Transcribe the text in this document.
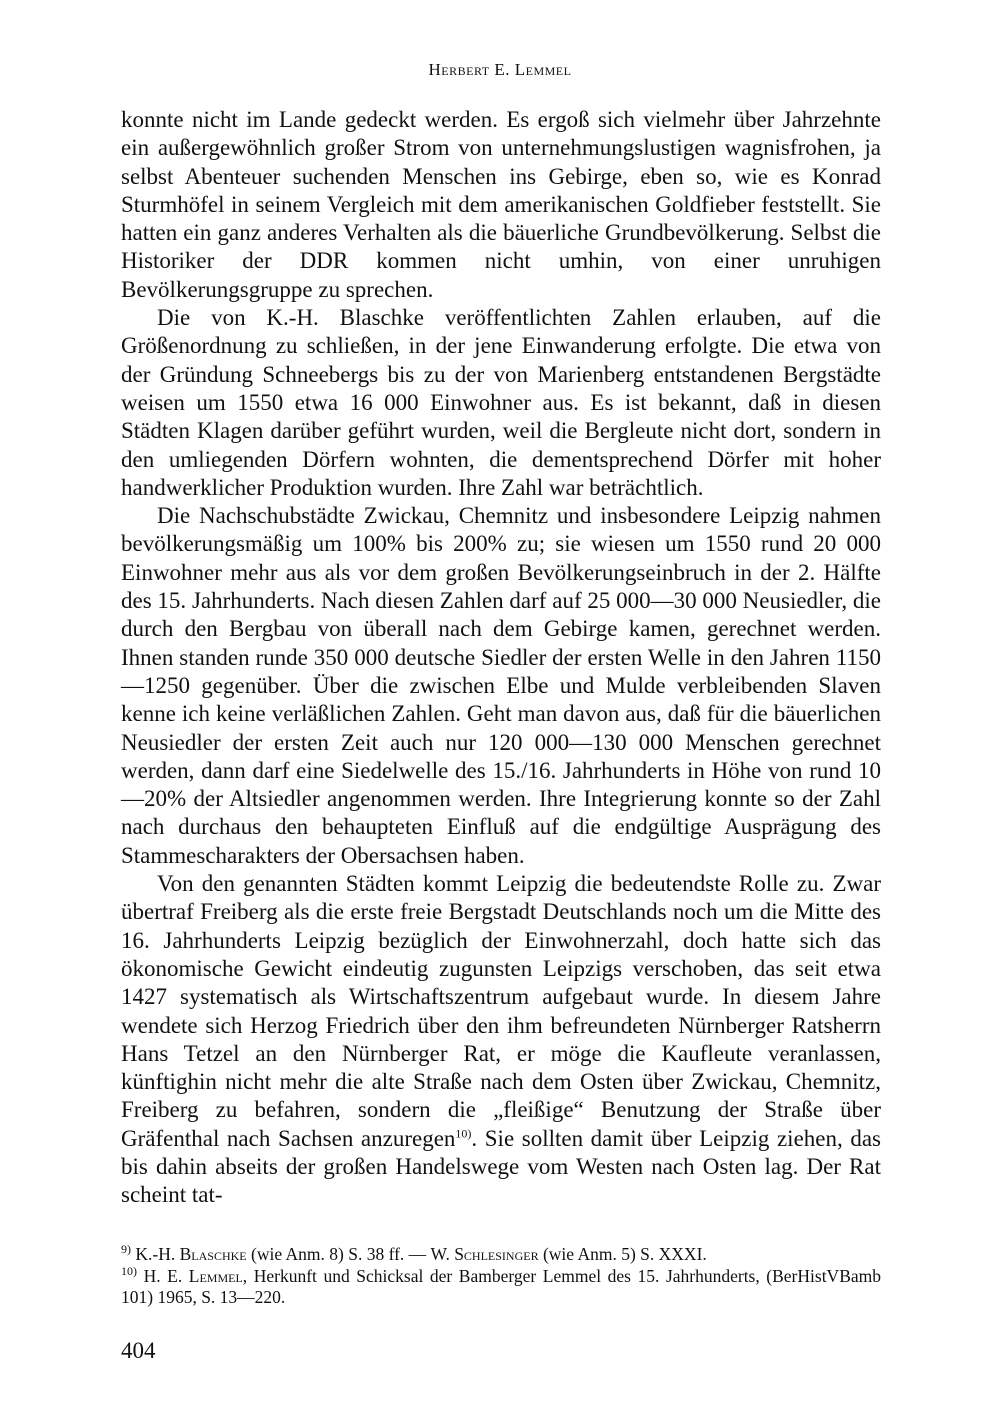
Herbert E. Lemmel

konnte nicht im Lande gedeckt werden. Es ergoß sich vielmehr über Jahrzehnte ein außergewöhnlich großer Strom von unternehmungslustigen wagnisfrohen, ja selbst Abenteuer suchenden Menschen ins Gebirge, eben so, wie es Konrad Sturmhöfel in seinem Vergleich mit dem amerikanischen Goldfieber feststellt. Sie hatten ein ganz anderes Verhalten als die bäuerliche Grundbevölkerung. Selbst die Historiker der DDR kommen nicht umhin, von einer unruhigen Bevölkerungsgruppe zu sprechen.

Die von K.-H. Blaschke veröffentlichten Zahlen erlauben, auf die Größenordnung zu schließen, in der jene Einwanderung erfolgte. Die etwa von der Gründung Schneebergs bis zu der von Marienberg entstandenen Bergstädte weisen um 1550 etwa 16 000 Einwohner aus. Es ist bekannt, daß in diesen Städten Klagen darüber geführt wurden, weil die Bergleute nicht dort, sondern in den umliegenden Dörfern wohnten, die dementsprechend Dörfer mit hoher handwerklicher Produktion wurden. Ihre Zahl war beträchtlich.

Die Nachschubstädte Zwickau, Chemnitz und insbesondere Leipzig nahmen bevölkerungsmäßig um 100% bis 200% zu; sie wiesen um 1550 rund 20 000 Einwohner mehr aus als vor dem großen Bevölkerungseinbruch in der 2. Hälfte des 15. Jahrhunderts. Nach diesen Zahlen darf auf 25 000—30 000 Neusiedler, die durch den Bergbau von überall nach dem Gebirge kamen, gerechnet werden. Ihnen standen runde 350 000 deutsche Siedler der ersten Welle in den Jahren 1150—1250 gegenüber. Über die zwischen Elbe und Mulde verbleibenden Slaven kenne ich keine verläßlichen Zahlen. Geht man davon aus, daß für die bäuerlichen Neusiedler der ersten Zeit auch nur 120 000—130 000 Menschen gerechnet werden, dann darf eine Siedelwelle des 15./16. Jahrhunderts in Höhe von rund 10—20% der Altsiedler angenommen werden. Ihre Integrierung konnte so der Zahl nach durchaus den behaupteten Einfluß auf die endgültige Ausprägung des Stammescharakters der Obersachsen haben.

Von den genannten Städten kommt Leipzig die bedeutendste Rolle zu. Zwar übertraf Freiberg als die erste freie Bergstadt Deutschlands noch um die Mitte des 16. Jahrhunderts Leipzig bezüglich der Einwohnerzahl, doch hatte sich das ökonomische Gewicht eindeutig zugunsten Leipzigs verschoben, das seit etwa 1427 systematisch als Wirtschaftszentrum aufgebaut wurde. In diesem Jahre wendete sich Herzog Friedrich über den ihm befreundeten Nürnberger Ratsherrn Hans Tetzel an den Nürnberger Rat, er möge die Kaufleute veranlassen, künftighin nicht mehr die alte Straße nach dem Osten über Zwickau, Chemnitz, Freiberg zu befahren, sondern die „fleißige“ Benutzung der Straße über Gräfenthal nach Sachsen anzuregen$^{10)}$. Sie sollten damit über Leipzig ziehen, das bis dahin abseits der großen Handelswege vom Westen nach Osten lag. Der Rat scheint tat-

$^{9)}$ K.-H. Blaschke (wie Anm. 8) S. 38 ff. — W. Schlesinger (wie Anm. 5) S. XXXI.

$^{10)}$ H. E. Lemmel, Herkunft und Schicksal der Bamberger Lemmel des 15. Jahrhunderts, (BerHistVBamb 101) 1965, S. 13—220.

404
